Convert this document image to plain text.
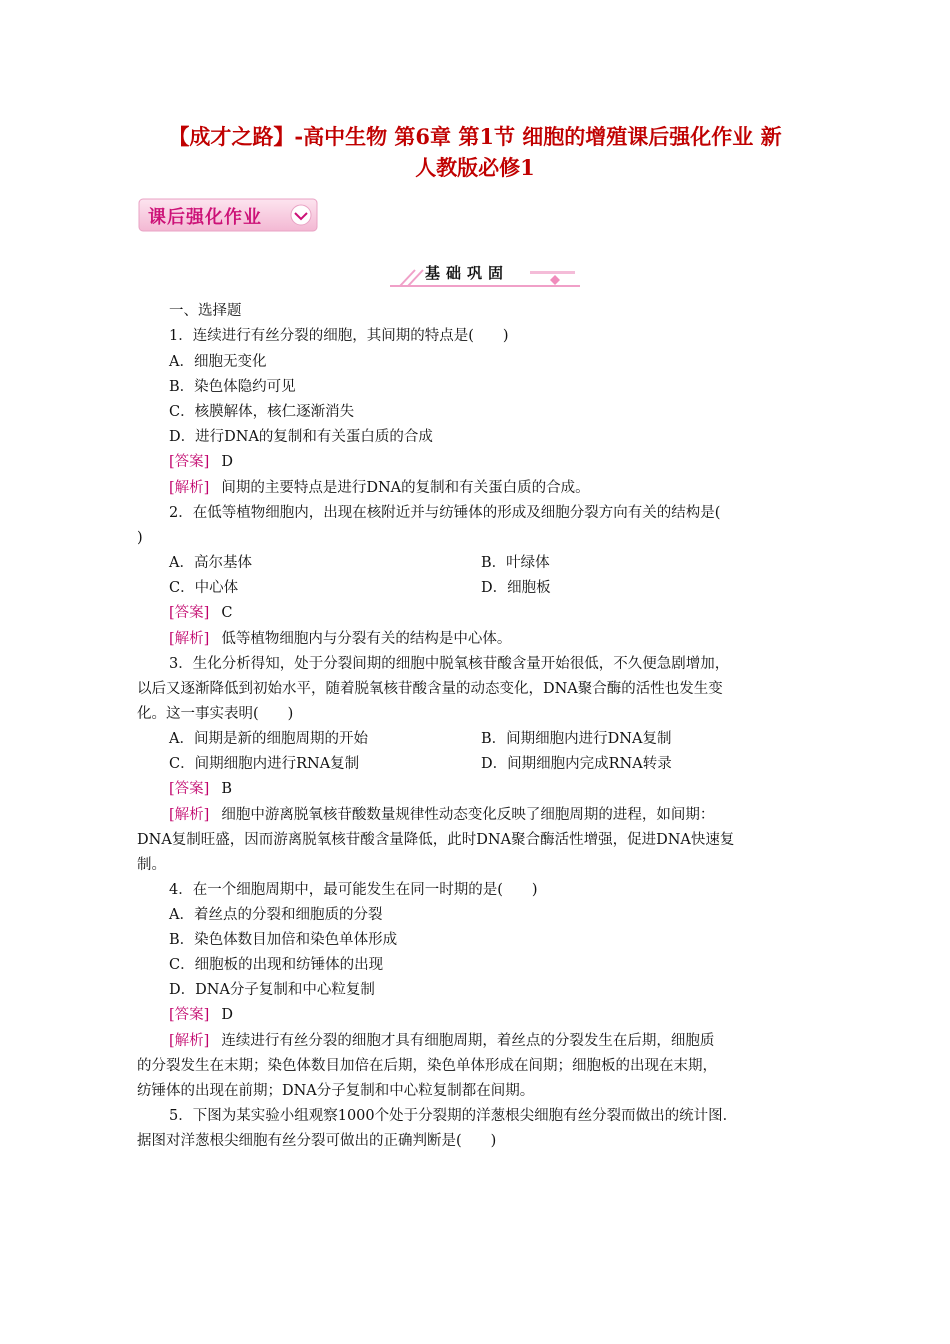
【成才之路】-高中生物 第6章 第1节 细胞的增殖课后强化作业 新
人教版必修1
课后强化作业
基础巩固
一、选择题
1．连续进行有丝分裂的细胞，其间期的特点是(　　)
A．细胞无变化
B．染色体隐约可见
C．核膜解体，核仁逐渐消失
D．进行DNA的复制和有关蛋白质的合成
[答案] D
[解析] 间期的主要特点是进行DNA的复制和有关蛋白质的合成。
2．在低等植物细胞内，出现在核附近并与纺锤体的形成及细胞分裂方向有关的结构是(
)
A．高尔基体	B．叶绿体
C．中心体	D．细胞板
[答案] C
[解析] 低等植物细胞内与分裂有关的结构是中心体。
3．生化分析得知，处于分裂间期的细胞中脱氧核苷酸含量开始很低，不久便急剧增加，
以后又逐渐降低到初始水平，随着脱氧核苷酸含量的动态变化，DNA聚合酶的活性也发生变
化。这一事实表明(　　)
A．间期是新的细胞周期的开始	B．间期细胞内进行DNA复制
C．间期细胞内进行RNA复制	D．间期细胞内完成RNA转录
[答案] B
[解析] 细胞中游离脱氧核苷酸数量规律性动态变化反映了细胞周期的进程，如间期：
DNA复制旺盛，因而游离脱氧核苷酸含量降低，此时DNA聚合酶活性增强，促进DNA快速复
制。
4．在一个细胞周期中，最可能发生在同一时期的是(　　)
A．着丝点的分裂和细胞质的分裂
B．染色体数目加倍和染色单体形成
C．细胞板的出现和纺锤体的出现
D．DNA分子复制和中心粒复制
[答案] D
[解析] 连续进行有丝分裂的细胞才具有细胞周期，着丝点的分裂发生在后期，细胞质
的分裂发生在末期；染色体数目加倍在后期，染色单体形成在间期；细胞板的出现在末期，
纺锤体的出现在前期；DNA分子复制和中心粒复制都在间期。
5．下图为某实验小组观察1000个处于分裂期的洋葱根尖细胞有丝分裂而做出的统计图．
据图对洋葱根尖细胞有丝分裂可做出的正确判断是(　　)
